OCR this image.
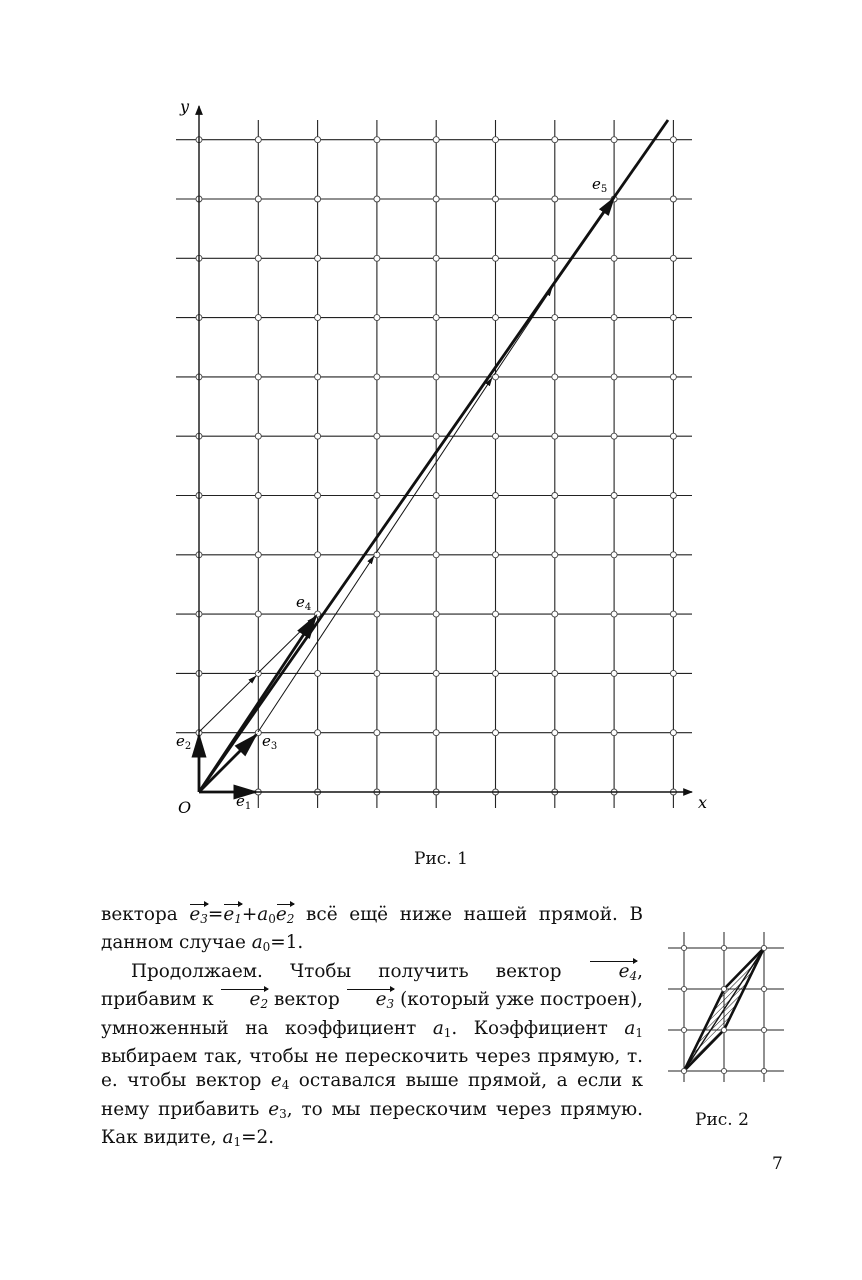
y
x
O	$e_1$
$e_2$	$e_3$
$e_4$
$e_5$
Рис. 1
Рис. 2

вектора $e_3=e_1+a_0e_2$ всё ещё ниже нашей прямой. В данном случае $a_0=1$.

Продолжаем. Чтобы получить вектор $e_4$, прибавим к $e_2$ вектор $e_3$ (который уже построен), умноженный на коэффициент $a_1$. Коэффициент $a_1$ выбираем так, чтобы не перескочить через прямую, т. е. чтобы вектор $e_4$ оставался выше прямой, а если к нему прибавить $e_3$, то мы перескочим через прямую. Как видите, $a_1=2$.

7
